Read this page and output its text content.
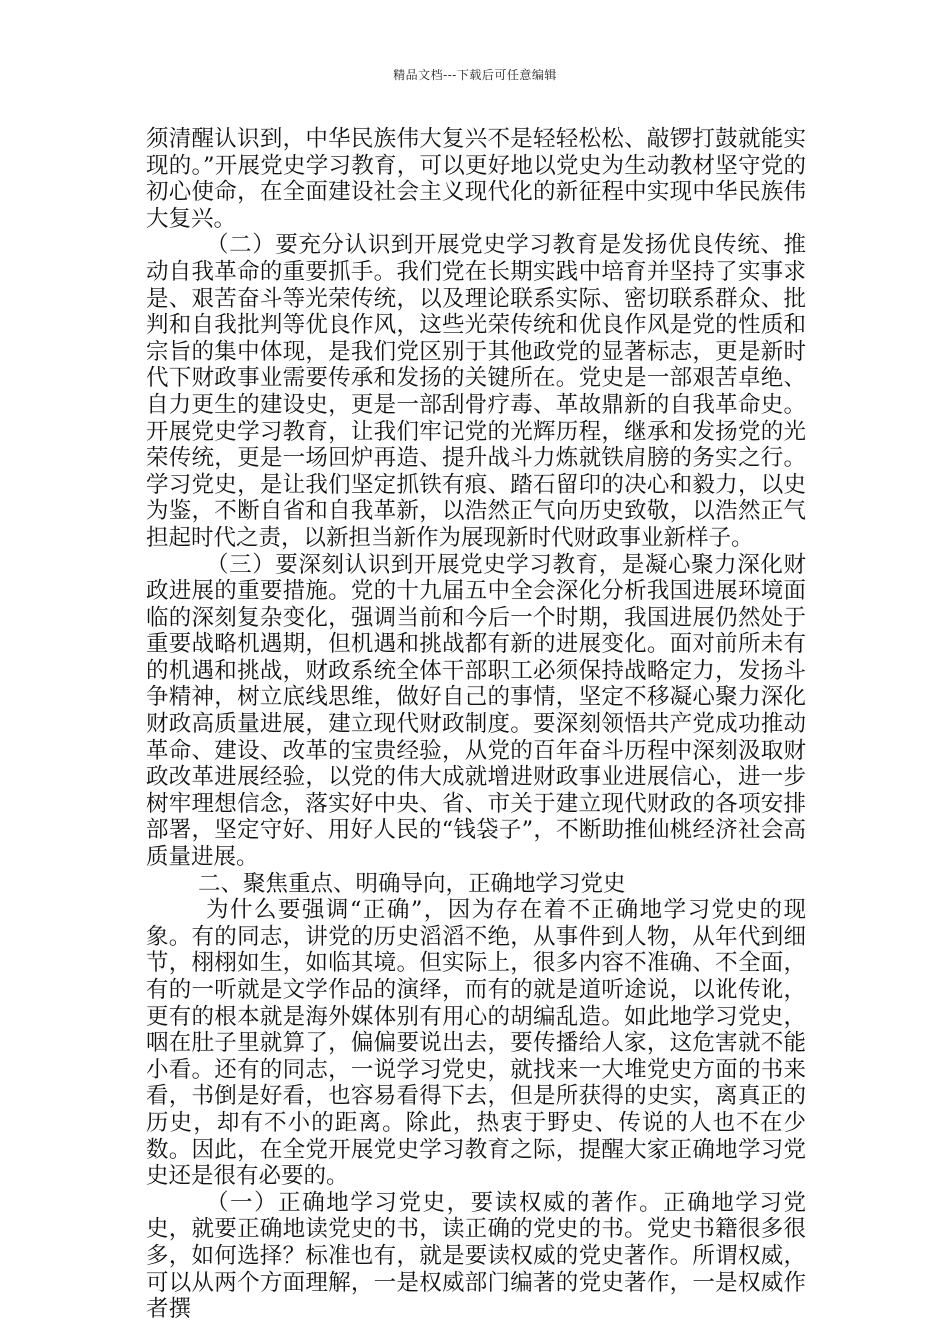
精品文档---下载后可任意编辑

须清醒认识到，中华民族伟大复兴不是轻轻松松、敲锣打鼓就能实现的。”开展党史学习教育，可以更好地以党史为生动教材坚守党的初心使命，在全面建设社会主义现代化的新征程中实现中华民族伟大复兴。

（二）要充分认识到开展党史学习教育是发扬优良传统、推动自我革命的重要抓手。我们党在长期实践中培育并坚持了实事求是、艰苦奋斗等光荣传统，以及理论联系实际、密切联系群众、批判和自我批判等优良作风，这些光荣传统和优良作风是党的性质和宗旨的集中体现，是我们党区别于其他政党的显著标志，更是新时代下财政事业需要传承和发扬的关键所在。党史是一部艰苦卓绝、自力更生的建设史，更是一部刮骨疗毒、革故鼎新的自我革命史。开展党史学习教育，让我们牢记党的光辉历程，继承和发扬党的光荣传统，更是一场回炉再造、提升战斗力炼就铁肩膀的务实之行。学习党史，是让我们坚定抓铁有痕、踏石留印的决心和毅力，以史为鉴，不断自省和自我革新，以浩然正气向历史致敬，以浩然正气担起时代之责，以新担当新作为展现新时代财政事业新样子。

（三）要深刻认识到开展党史学习教育，是凝心聚力深化财政进展的重要措施。党的十九届五中全会深化分析我国进展环境面临的深刻复杂变化，强调当前和今后一个时期，我国进展仍然处于重要战略机遇期，但机遇和挑战都有新的进展变化。面对前所未有的机遇和挑战，财政系统全体干部职工必须保持战略定力，发扬斗争精神，树立底线思维，做好自己的事情，坚定不移凝心聚力深化财政高质量进展，建立现代财政制度。要深刻领悟共产党成功推动革命、建设、改革的宝贵经验，从党的百年奋斗历程中深刻汲取财政改革进展经验，以党的伟大成就增进财政事业进展信心，进一步树牢理想信念，落实好中央、省、市关于建立现代财政的各项安排部署，坚定守好、用好人民的“钱袋子”，不断助推仙桃经济社会高质量进展。

二、聚焦重点、明确导向，正确地学习党史

为什么要强调“正确”，因为存在着不正确地学习党史的现象。有的同志，讲党的历史滔滔不绝，从事件到人物，从年代到细节，栩栩如生，如临其境。但实际上，很多内容不准确、不全面，有的一听就是文学作品的演绎，而有的就是道听途说，以讹传讹，更有的根本就是海外媒体别有用心的胡编乱造。如此地学习党史，咽在肚子里就算了，偏偏要说出去，要传播给人家，这危害就不能小看。还有的同志，一说学习党史，就找来一大堆党史方面的书来看，书倒是好看，也容易看得下去，但是所获得的史实，离真正的历史，却有不小的距离。除此，热衷于野史、传说的人也不在少数。因此，在全党开展党史学习教育之际，提醒大家正确地学习党史还是很有必要的。

（一）正确地学习党史，要读权威的著作。正确地学习党史，就要正确地读党史的书，读正确的党史的书。党史书籍很多很多，如何选择？标准也有，就是要读权威的党史著作。所谓权威，可以从两个方面理解，一是权威部门编著的党史著作，一是权威作者撰
